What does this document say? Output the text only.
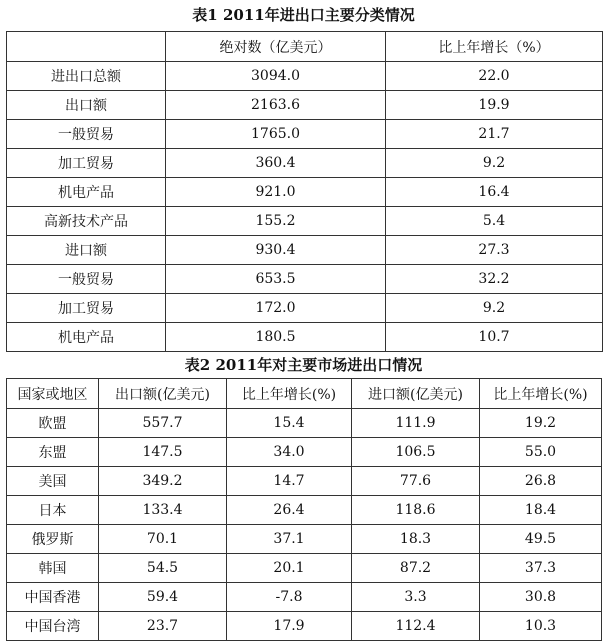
表1 2011年进出口主要分类情况
	绝对数（亿美元）	比上年增长（%）
进出口总额	3094.0	22.0
出口额	2163.6	19.9
一般贸易	1765.0	21.7
加工贸易	360.4	9.2
机电产品	921.0	16.4
高新技术产品	155.2	5.4
进口额	930.4	27.3
一般贸易	653.5	32.2
加工贸易	172.0	9.2
机电产品	180.5	10.7
表2 2011年对主要市场进出口情况
国家或地区	出口额(亿美元)	比上年增长(%)	进口额(亿美元)	比上年增长(%)
欧盟	557.7	15.4	111.9	19.2
东盟	147.5	34.0	106.5	55.0
美国	349.2	14.7	77.6	26.8
日本	133.4	26.4	118.6	18.4
俄罗斯	70.1	37.1	18.3	49.5
韩国	54.5	20.1	87.2	37.3
中国香港	59.4	-7.8	3.3	30.8
中国台湾	23.7	17.9	112.4	10.3
